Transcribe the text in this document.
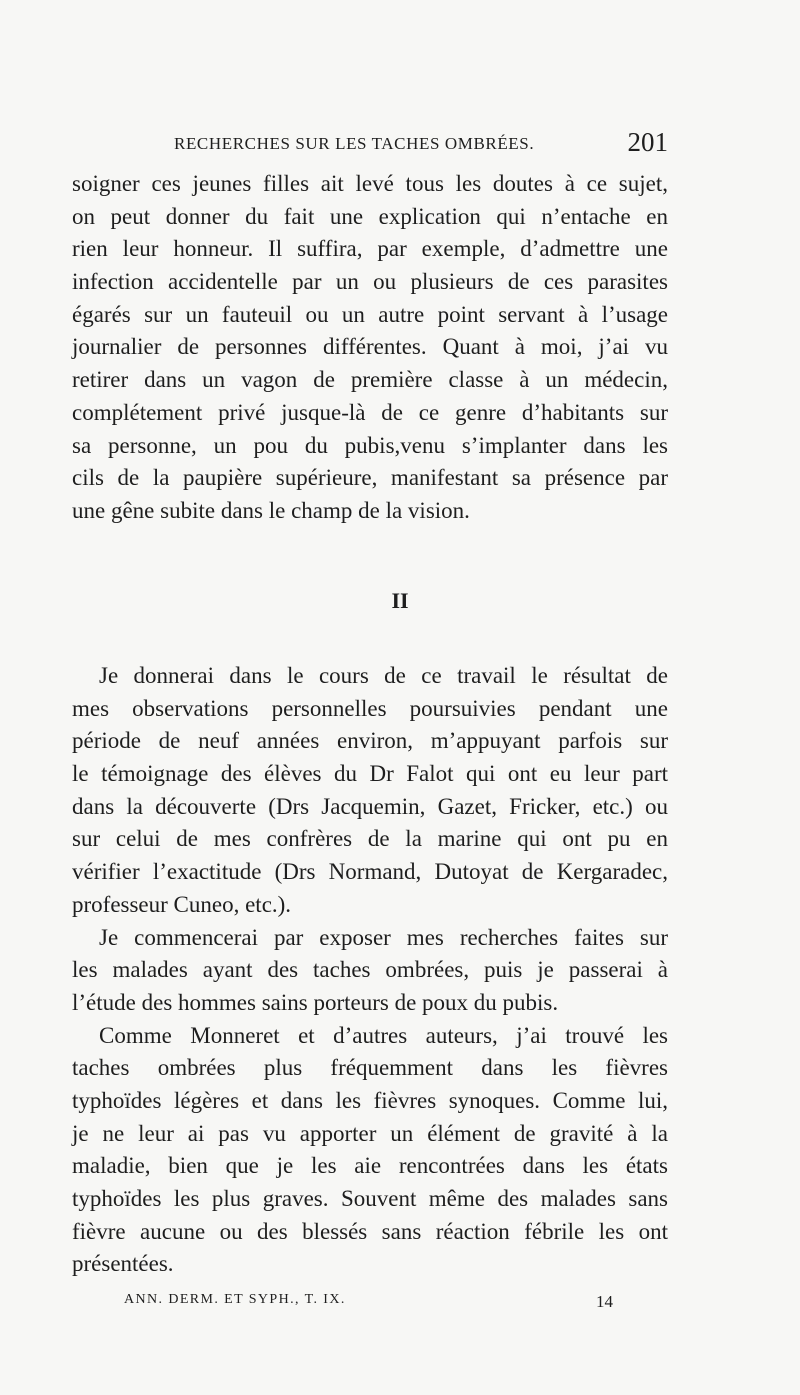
RECHERCHES SUR LES TACHES OMBRÉES.	201
soigner ces jeunes filles ait levé tous les doutes à ce sujet,
on peut donner du fait une explication qui n’entache en
rien leur honneur. Il suffira, par exemple, d’admettre une
infection accidentelle par un ou plusieurs de ces parasites
égarés sur un fauteuil ou un autre point servant à l’usage
journalier de personnes différentes. Quant à moi, j’ai vu
retirer dans un vagon de première classe à un médecin,
complétement privé jusque-là de ce genre d’habitants sur
sa personne, un pou du pubis,venu s’implanter dans les
cils de la paupière supérieure, manifestant sa présence par
une gêne subite dans le champ de la vision.
II
Je donnerai dans le cours de ce travail le résultat de
mes observations personnelles poursuivies pendant une
période de neuf années environ, m’appuyant parfois sur
le témoignage des élèves du Dr Falot qui ont eu leur part
dans la découverte (Drs Jacquemin, Gazet, Fricker, etc.) ou
sur celui de mes confrères de la marine qui ont pu en
vérifier l’exactitude (Drs Normand, Dutoyat de Kergaradec,
professeur Cuneo, etc.).
Je commencerai par exposer mes recherches faites sur
les malades ayant des taches ombrées, puis je passerai à
l’étude des hommes sains porteurs de poux du pubis.
Comme Monneret et d’autres auteurs, j’ai trouvé les
taches ombrées plus fréquemment dans les fièvres
typhoïdes légères et dans les fièvres synoques. Comme lui,
je ne leur ai pas vu apporter un élément de gravité à la
maladie, bien que je les aie rencontrées dans les états
typhoïdes les plus graves. Souvent même des malades sans
fièvre aucune ou des blessés sans réaction fébrile les ont
présentées.
ANN. DERM. ET SYPH., T. IX.	14
